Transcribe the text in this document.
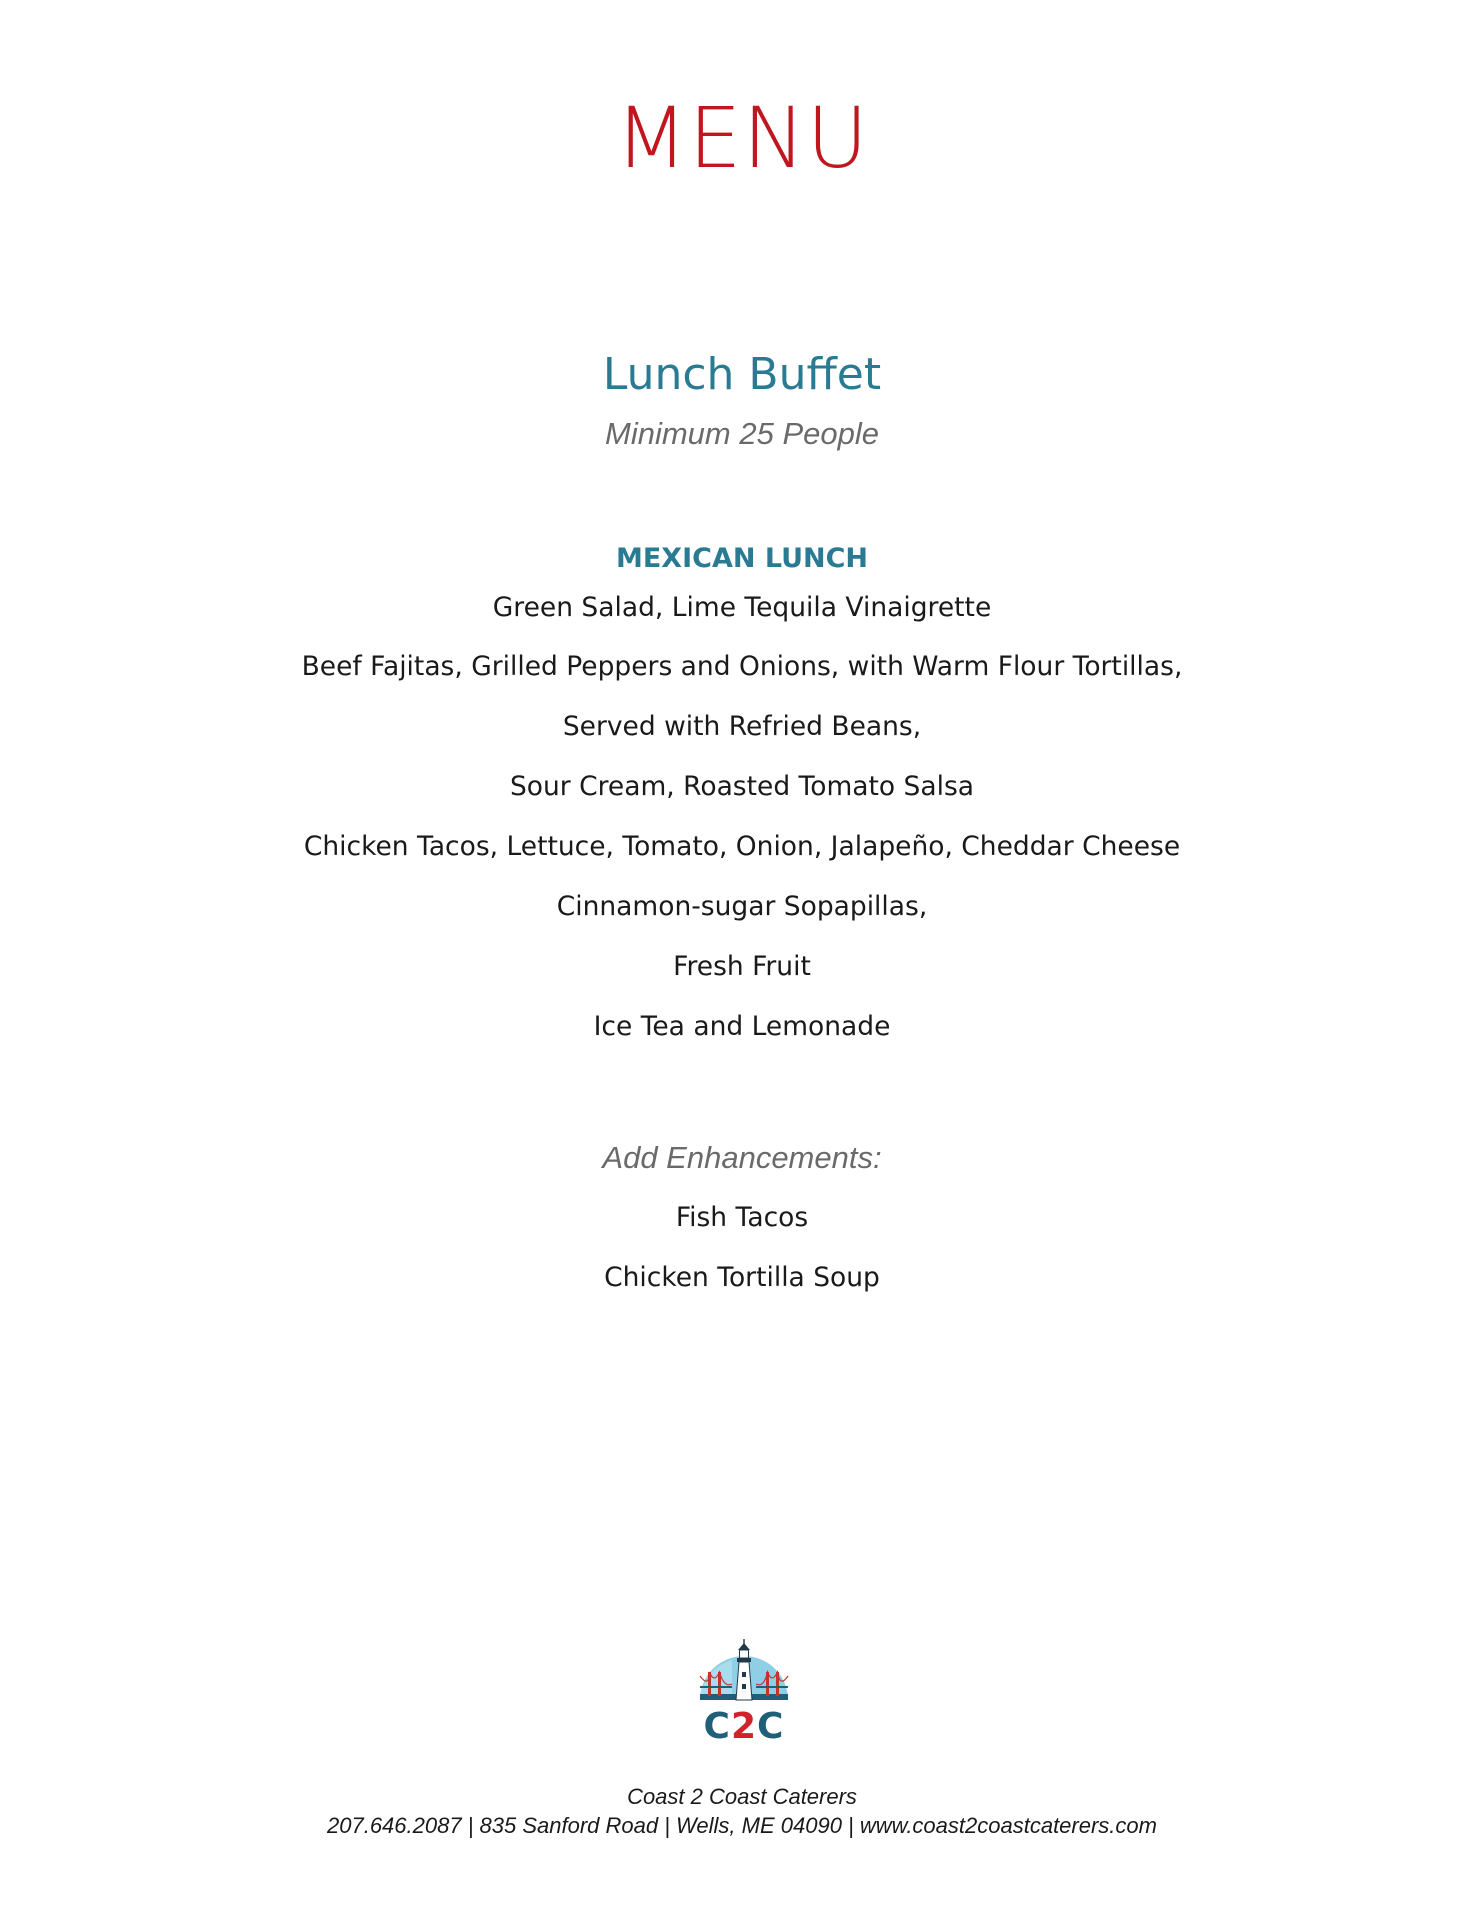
MENU
Lunch Buffet
Minimum 25 People
MEXICAN LUNCH
Green Salad, Lime Tequila Vinaigrette
Beef Fajitas, Grilled Peppers and Onions, with Warm Flour Tortillas,
Served with Refried Beans,
Sour Cream, Roasted Tomato Salsa
Chicken Tacos, Lettuce, Tomato, Onion, Jalapeño, Cheddar Cheese
Cinnamon-sugar Sopapillas,
Fresh Fruit
Ice Tea and Lemonade
Add Enhancements:
Fish Tacos
Chicken Tortilla Soup
C2C
Coast 2 Coast Caterers
207.646.2087 | 835 Sanford Road | Wells, ME 04090 | www.coast2coastcaterers.com
